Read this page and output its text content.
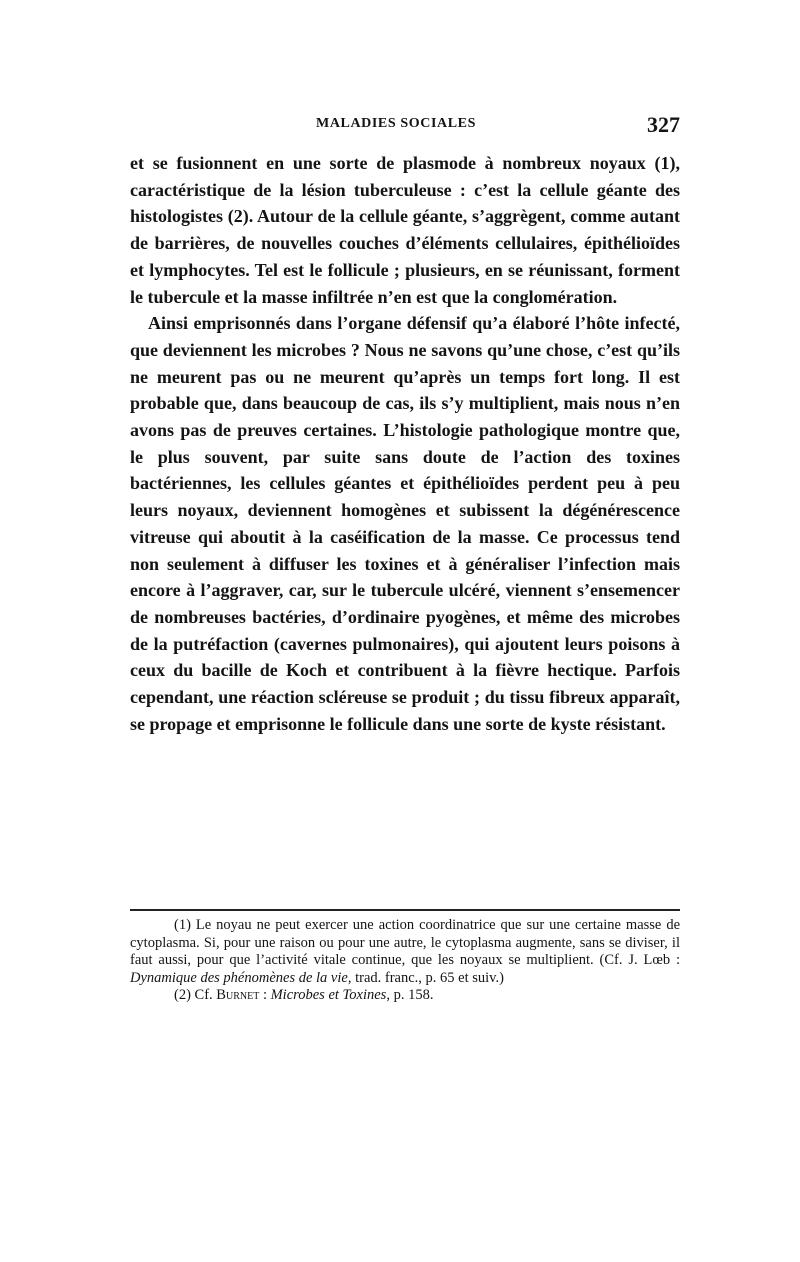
MALADIES SOCIALES	327

et se fusionnent en une sorte de plasmode à nombreux noyaux (1), caractéristique de la lésion tuberculeuse : c’est la cellule géante des histologistes (2). Autour de la cellule géante, s’aggrègent, comme autant de barrières, de nouvelles couches d’éléments cellulaires, épithélioïdes et lymphocytes. Tel est le follicule ; plusieurs, en se réunissant, forment le tubercule et la masse infiltrée n’en est que la conglomération.

Ainsi emprisonnés dans l’organe défensif qu’a élaboré l’hôte infecté, que deviennent les microbes ? Nous ne savons qu’une chose, c’est qu’ils ne meurent pas ou ne meurent qu’après un temps fort long. Il est probable que, dans beaucoup de cas, ils s’y multiplient, mais nous n’en avons pas de preuves certaines. L’histologie pathologique montre que, le plus souvent, par suite sans doute de l’action des toxines bactériennes, les cellules géantes et épithélioïdes perdent peu à peu leurs noyaux, deviennent homogènes et subissent la dégénérescence vitreuse qui aboutit à la caséification de la masse. Ce processus tend non seulement à diffuser les toxines et à généraliser l’infection mais encore à l’aggraver, car, sur le tubercule ulcéré, viennent s’ensemencer de nombreuses bactéries, d’ordinaire pyogènes, et même des microbes de la putréfaction (cavernes pulmonaires), qui ajoutent leurs poisons à ceux du bacille de Koch et contribuent à la fièvre hectique. Parfois cependant, une réaction scléreuse se produit ; du tissu fibreux apparaît, se propage et emprisonne le follicule dans une sorte de kyste résistant.

(1) Le noyau ne peut exercer une action coordinatrice que sur une certaine masse de cytoplasma. Si, pour une raison ou pour une autre, le cytoplasma augmente, sans se diviser, il faut aussi, pour que l’activité vitale continue, que les noyaux se multiplient. (Cf. J. Lœb : Dynamique des phénomènes de la vie, trad. franc., p. 65 et suiv.)

(2) Cf. Burnet : Microbes et Toxines, p. 158.
